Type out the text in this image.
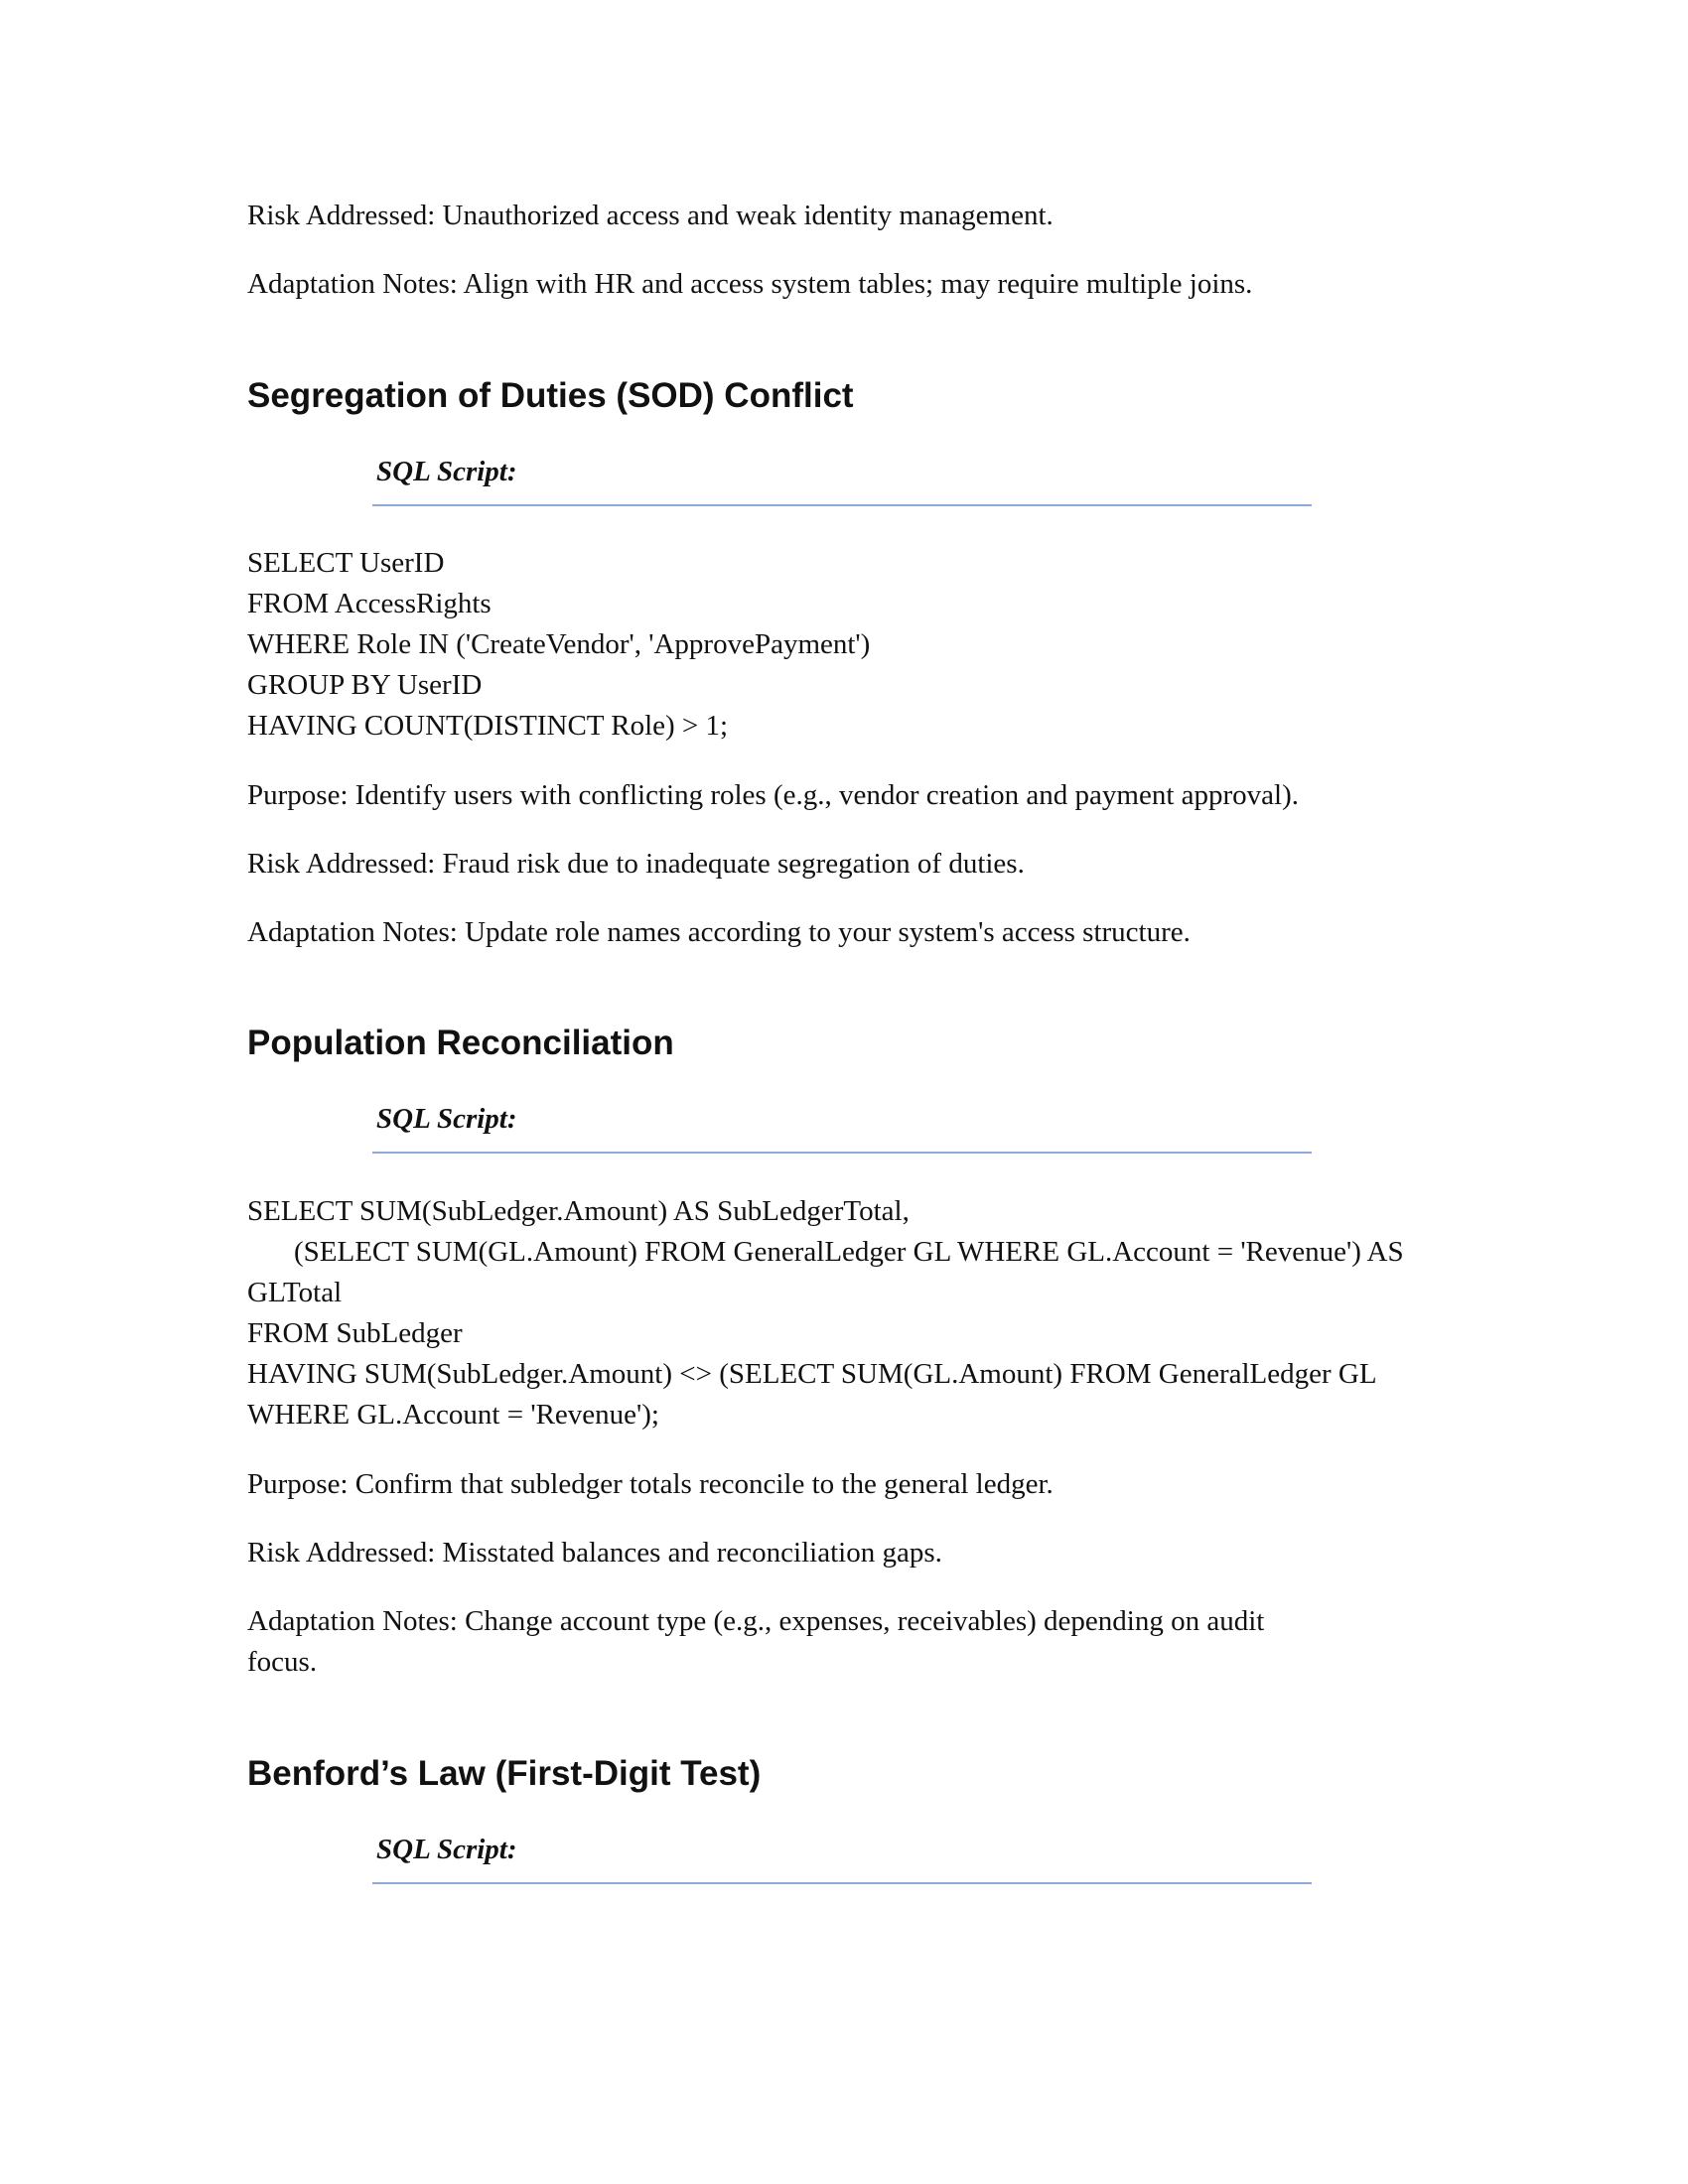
Risk Addressed: Unauthorized access and weak identity management.
Adaptation Notes: Align with HR and access system tables; may require multiple joins.
Segregation of Duties (SOD) Conflict
SQL Script:
SELECT UserID
FROM AccessRights
WHERE Role IN ('CreateVendor', 'ApprovePayment')
GROUP BY UserID
HAVING COUNT(DISTINCT Role) > 1;
Purpose: Identify users with conflicting roles (e.g., vendor creation and payment approval).
Risk Addressed: Fraud risk due to inadequate segregation of duties.
Adaptation Notes: Update role names according to your system's access structure.
Population Reconciliation
SQL Script:
SELECT SUM(SubLedger.Amount) AS SubLedgerTotal,
(SELECT SUM(GL.Amount) FROM GeneralLedger GL WHERE GL.Account = 'Revenue') AS
GLTotal
FROM SubLedger
HAVING SUM(SubLedger.Amount) <> (SELECT SUM(GL.Amount) FROM GeneralLedger GL
WHERE GL.Account = 'Revenue');
Purpose: Confirm that subledger totals reconcile to the general ledger.
Risk Addressed: Misstated balances and reconciliation gaps.
Adaptation Notes: Change account type (e.g., expenses, receivables) depending on audit
focus.
Benford’s Law (First-Digit Test)
SQL Script:
